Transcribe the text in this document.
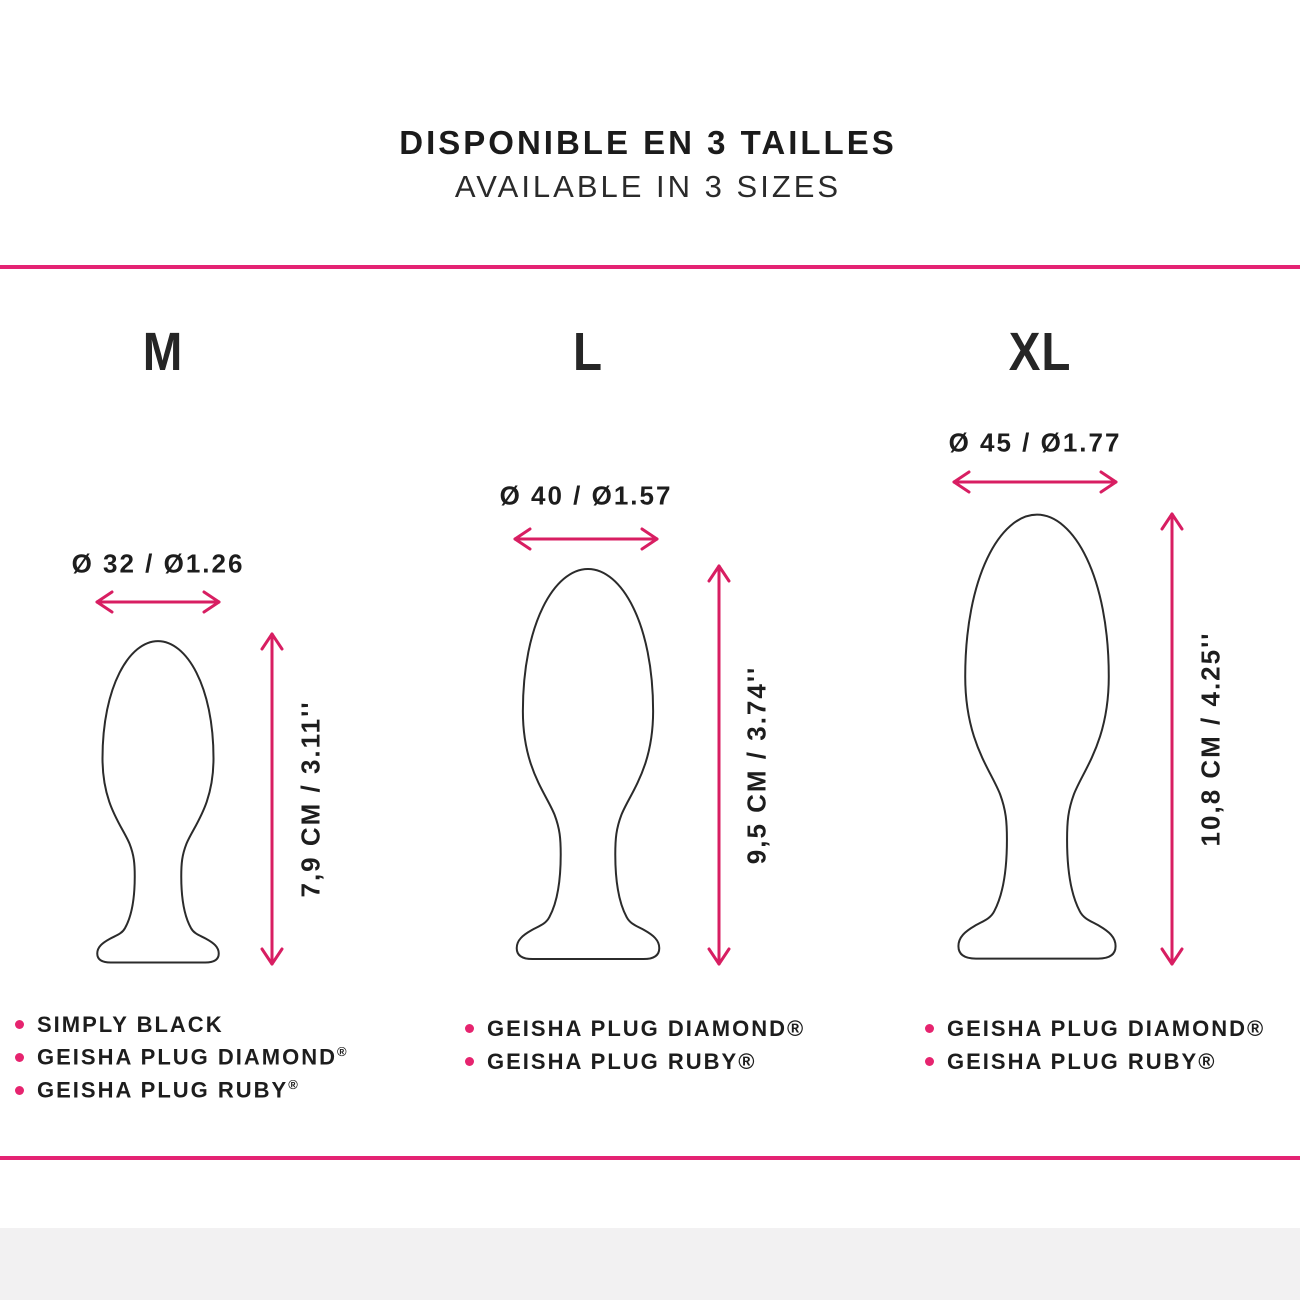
DISPONIBLE EN 3 TAILLES
AVAILABLE IN 3 SIZES
M	L	XL
Ø 32 / Ø1.26
7,9 CM / 3.11''
Ø 40 / Ø1.57
9,5 CM / 3.74''
Ø 45 / Ø1.77
10,8 CM / 4.25''
SIMPLY BLACK
GEISHA PLUG DIAMOND®
GEISHA PLUG RUBY®
GEISHA PLUG DIAMOND®
GEISHA PLUG RUBY®
GEISHA PLUG DIAMOND®
GEISHA PLUG RUBY®
